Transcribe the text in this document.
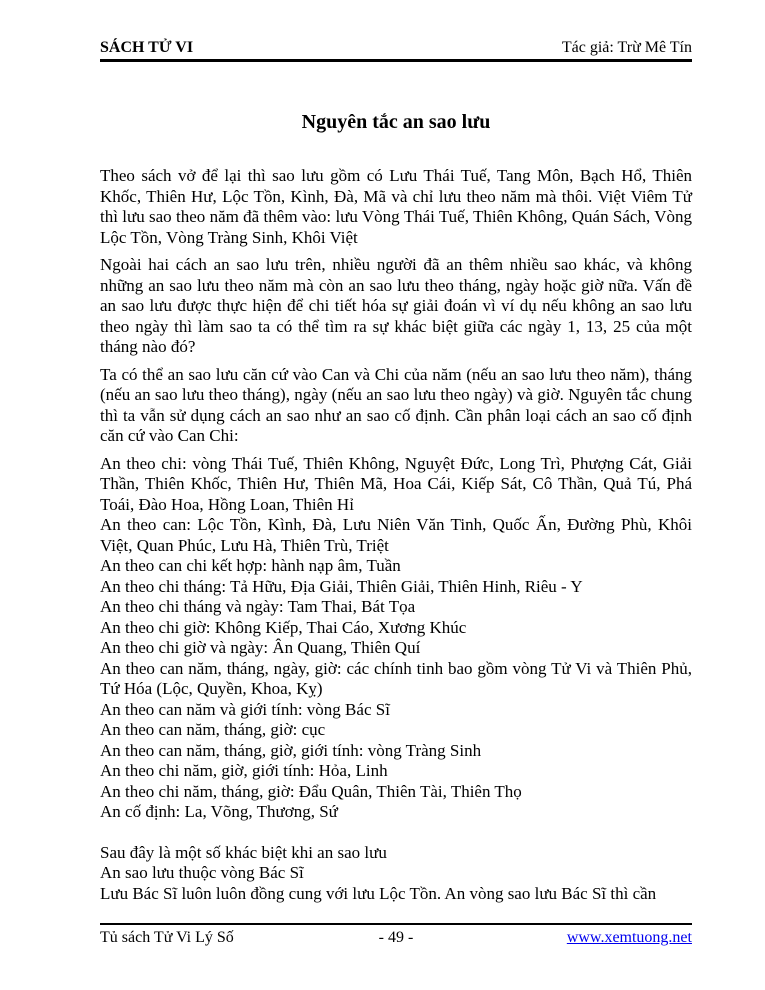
SÁCH TỬ VI	Tác giả: Trừ Mê Tín
Nguyên tắc an sao lưu

Theo sách vở để lại thì sao lưu gồm có Lưu Thái Tuế, Tang Môn, Bạch Hổ, Thiên Khốc, Thiên Hư, Lộc Tồn, Kình, Đà, Mã và chỉ lưu theo năm mà thôi. Việt Viêm Tử thì lưu sao theo năm đã thêm vào: lưu Vòng Thái Tuế, Thiên Không, Quán Sách, Vòng Lộc Tồn, Vòng Tràng Sinh, Khôi Việt

Ngoài hai cách an sao lưu trên, nhiều người đã an thêm nhiều sao khác, và không những an sao lưu theo năm mà còn an sao lưu theo tháng, ngày hoặc giờ nữa. Vấn đề an sao lưu được thực hiện để chi tiết hóa sự giải đoán vì ví dụ nếu không an sao lưu theo ngày thì làm sao ta có thể tìm ra sự khác biệt giữa các ngày 1, 13, 25 của một tháng nào đó?

Ta có thể an sao lưu căn cứ vào Can và Chi của năm (nếu an sao lưu theo năm), tháng (nếu an sao lưu theo tháng), ngày (nếu an sao lưu theo ngày) và giờ. Nguyên tắc chung thì ta vẫn sử dụng cách an sao như an sao cố định. Cần phân loại cách an sao cố định căn cứ vào Can Chi:

An theo chi: vòng Thái Tuế, Thiên Không, Nguyệt Đức, Long Trì, Phượng Cát, Giải Thần, Thiên Khốc, Thiên Hư, Thiên Mã, Hoa Cái, Kiếp Sát, Cô Thần, Quả Tú, Phá Toái, Đào Hoa, Hồng Loan, Thiên Hỉ

An theo can: Lộc Tồn, Kình, Đà, Lưu Niên Văn Tinh, Quốc Ấn, Đường Phù, Khôi Việt, Quan Phúc, Lưu Hà, Thiên Trù, Triệt

An theo can chi kết hợp: hành nạp âm, Tuần

An theo chi tháng: Tả Hữu, Địa Giải, Thiên Giải, Thiên Hinh, Riêu - Y

An theo chi tháng và ngày: Tam Thai, Bát Tọa

An theo chi giờ: Không Kiếp, Thai Cáo, Xương Khúc

An theo chi giờ và ngày: Ân Quang, Thiên Quí

An theo can năm, tháng, ngày, giờ: các chính tinh bao gồm vòng Tử Vi và Thiên Phủ, Tứ Hóa (Lộc, Quyền, Khoa, Kỵ)

An theo can năm và giới tính: vòng Bác Sĩ

An theo can năm, tháng, giờ: cục

An theo can năm, tháng, giờ, giới tính: vòng Tràng Sinh

An theo chi năm, giờ, giới tính: Hỏa, Linh

An theo chi năm, tháng, giờ: Đẩu Quân, Thiên Tài, Thiên Thọ

An cố định: La, Võng, Thương, Sứ

Sau đây là một số khác biệt khi an sao lưu

An sao lưu thuộc vòng Bác Sĩ

Lưu Bác Sĩ luôn luôn đồng cung với lưu Lộc Tồn. An vòng sao lưu Bác Sĩ thì cần

Tủ sách Tử Vi Lý Số	- 49 -	www.xemtuong.net
